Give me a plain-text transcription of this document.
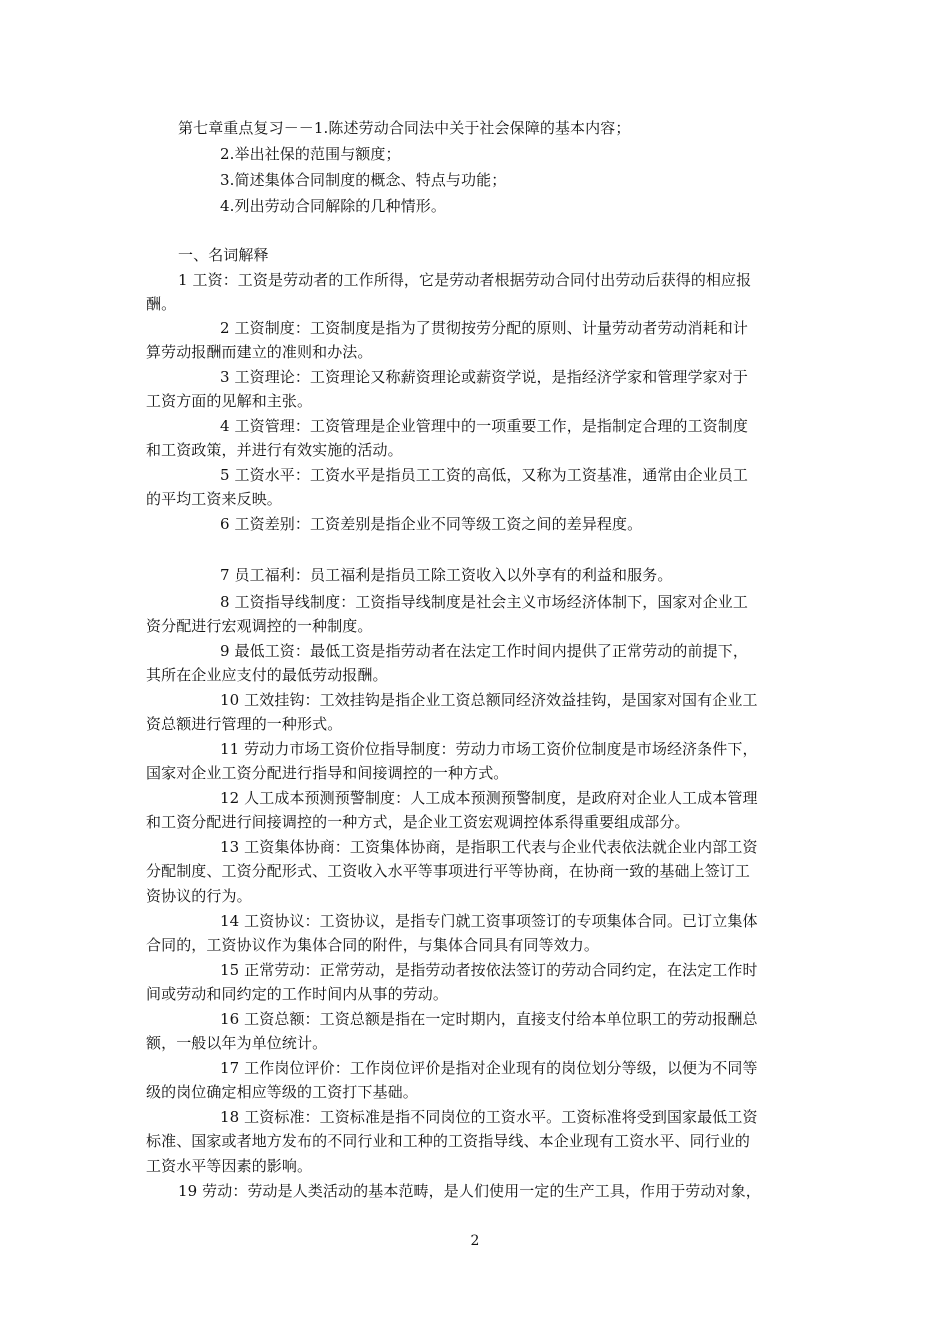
第七章重点复习－－1.陈述劳动合同法中关于社会保障的基本内容；
2.举出社保的范围与额度；
3.简述集体合同制度的概念、特点与功能；
4.列出劳动合同解除的几种情形。
一、名词解释
1 工资：工资是劳动者的工作所得，它是劳动者根据劳动合同付出劳动后获得的相应报
酬。
2 工资制度：工资制度是指为了贯彻按劳分配的原则、计量劳动者劳动消耗和计
算劳动报酬而建立的准则和办法。
3 工资理论：工资理论又称薪资理论或薪资学说，是指经济学家和管理学家对于
工资方面的见解和主张。
4 工资管理：工资管理是企业管理中的一项重要工作，是指制定合理的工资制度
和工资政策，并进行有效实施的活动。
5 工资水平：工资水平是指员工工资的高低，又称为工资基准，通常由企业员工
的平均工资来反映。
6 工资差别：工资差别是指企业不同等级工资之间的差异程度。
7 员工福利：员工福利是指员工除工资收入以外享有的利益和服务。
8 工资指导线制度：工资指导线制度是社会主义市场经济体制下，国家对企业工
资分配进行宏观调控的一种制度。
9 最低工资：最低工资是指劳动者在法定工作时间内提供了正常劳动的前提下，
其所在企业应支付的最低劳动报酬。
10 工效挂钩：工效挂钩是指企业工资总额同经济效益挂钩，是国家对国有企业工
资总额进行管理的一种形式。
11 劳动力市场工资价位指导制度：劳动力市场工资价位制度是市场经济条件下，
国家对企业工资分配进行指导和间接调控的一种方式。
12 人工成本预测预警制度：人工成本预测预警制度，是政府对企业人工成本管理
和工资分配进行间接调控的一种方式，是企业工资宏观调控体系得重要组成部分。
13 工资集体协商：工资集体协商，是指职工代表与企业代表依法就企业内部工资
分配制度、工资分配形式、工资收入水平等事项进行平等协商，在协商一致的基础上签订工
资协议的行为。
14 工资协议：工资协议，是指专门就工资事项签订的专项集体合同。已订立集体
合同的，工资协议作为集体合同的附件，与集体合同具有同等效力。
15 正常劳动：正常劳动，是指劳动者按依法签订的劳动合同约定，在法定工作时
间或劳动和同约定的工作时间内从事的劳动。
16 工资总额：工资总额是指在一定时期内，直接支付给本单位职工的劳动报酬总
额，一般以年为单位统计。
17 工作岗位评价：工作岗位评价是指对企业现有的岗位划分等级，以便为不同等
级的岗位确定相应等级的工资打下基础。
18 工资标准：工资标准是指不同岗位的工资水平。工资标准将受到国家最低工资
标准、国家或者地方发布的不同行业和工种的工资指导线、本企业现有工资水平、同行业的
工资水平等因素的影响。
19 劳动：劳动是人类活动的基本范畴，是人们使用一定的生产工具，作用于劳动对象，
2
